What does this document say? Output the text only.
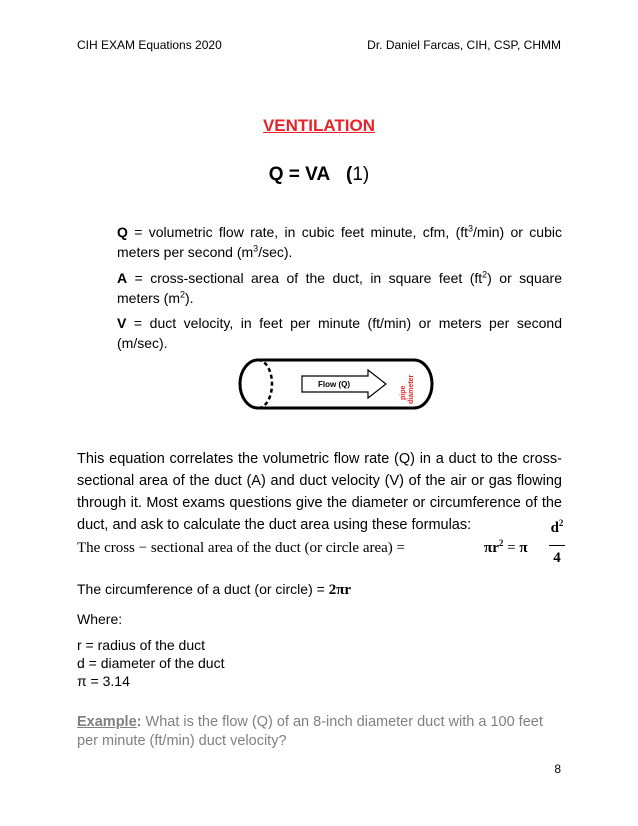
CIH EXAM Equations 2020	Dr. Daniel Farcas, CIH, CSP, CHMM
VENTILATION
Q = VA (1)
Q = volumetric flow rate, in cubic feet minute, cfm, $(ft^3/\min)$ or cubic meters per second $(m^3/\sec)$.
A = cross-sectional area of the duct, in square feet $(ft^2)$ or square meters $(m^2)$.
V = duct velocity, in feet per minute (ft/min) or meters per second (m/sec).
Flow (Q)
pipe diameter
This equation correlates the volumetric flow rate (Q) in a duct to the cross-sectional area of the duct (A) and duct velocity (V) of the air or gas flowing through it. Most exams questions give the diameter or circumference of the duct, and ask to calculate the duct area using these formulas:
The cross − sectional area of the duct (or circle area) =	$\pi r^2 = \pi$
$d^2$
4
The circumference of a duct (or circle) = 2πr
Where:
r = radius of the duct
d = diameter of the duct
π = 3.14
Example: What is the flow (Q) of an 8-inch diameter duct with a 100 feet per minute (ft/min) duct velocity?
8
